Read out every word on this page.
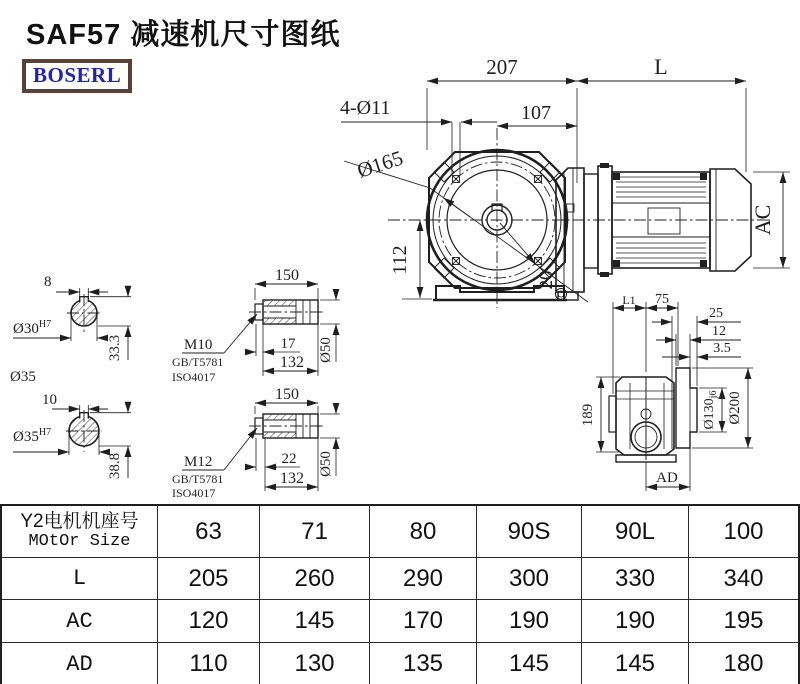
SAF57 减速机尺寸图纸
BOSERL	207	L
4-Ø11	107
Ø165
112
AC
20
8
$Ø30^{H7}$
33.3
Ø35
10
$Ø35^{H7}$
38.8
150
17
132 Ø50
M10
GB/T5781
ISO4017
150
22
132
Ø50
M12
GB/T5781
ISO4017
189
L1 75
25
12
3.5
$Ø130_{j6}$ Ø200
AD
Y2电机机座号
MOtOr Size	63	71	80	90S	90L	100
L	205	260	290	300	330	340
AC	120	145	170	190	190	195
AD	110	130	135	145	145	180
